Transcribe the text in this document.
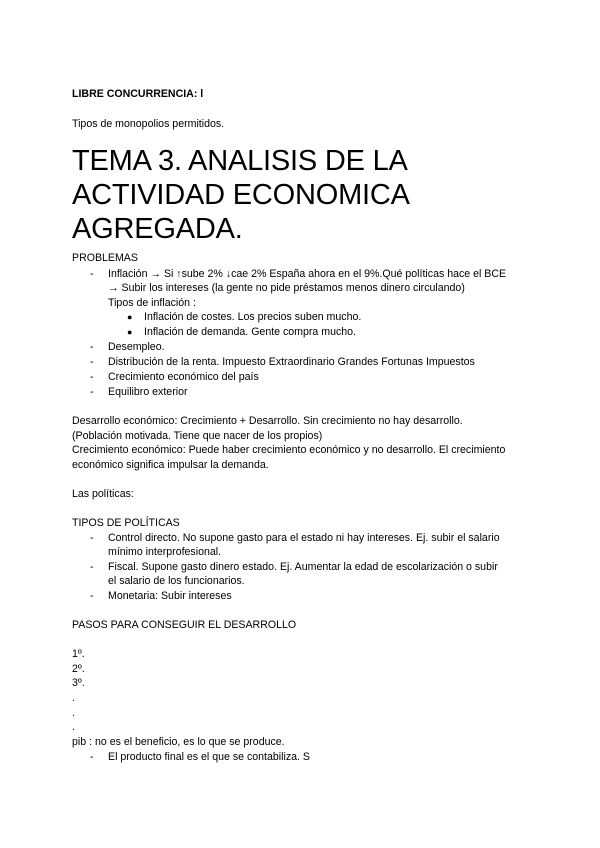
LIBRE CONCURRENCIA: l
Tipos de monopolios permitidos.
TEMA 3. ANALISIS DE LA
ACTIVIDAD ECONOMICA
AGREGADA.
PROBLEMAS
- Inflación → Si ↑sube 2% ↓cae 2% España ahora en el 9%.Qué políticas hace el BCE
→ Subir los intereses (la gente no pide préstamos menos dinero circulando)
Tipos de inflación :
● Inflación de costes. Los precios suben mucho.
● Inflación de demanda. Gente compra mucho.
- Desempleo.
- Distribución de la renta. Impuesto Extraordinario Grandes Fortunas Impuestos
- Crecimiento económico del país
- Equilibro exterior
Desarrollo económico: Crecimiento + Desarrollo. Sin crecimiento no hay desarrollo.
(Población motivada. Tiene que nacer de los propios)
Crecimiento económico: Puede haber crecimiento económico y no desarrollo. El crecimiento
económico significa impulsar la demanda.
Las políticas:
TIPOS DE POLÍTICAS
- Control directo. No supone gasto para el estado ni hay intereses. Ej. subir el salario
mínimo interprofesional.
- Fiscal. Supone gasto dinero estado. Ej. Aumentar la edad de escolarización o subir
el salario de los funcionarios.
- Monetaria: Subir intereses
PASOS PARA CONSEGUIR EL DESARROLLO
1º.
2º.
3º.
.
.
.
pib : no es el beneficio, es lo que se produce.
- El producto final es el que se contabiliza. S
